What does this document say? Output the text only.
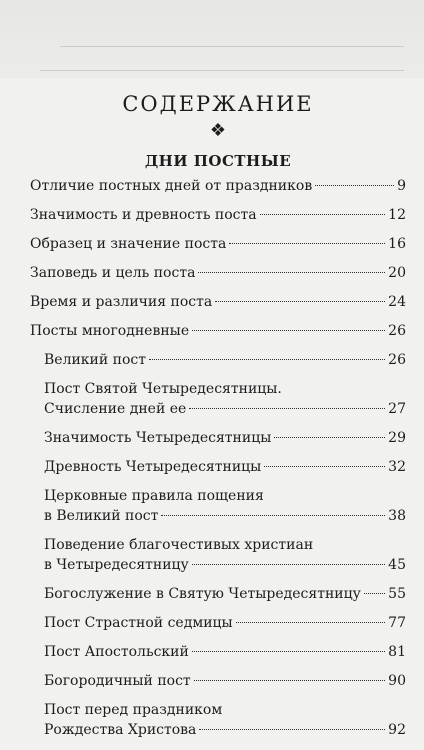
СОДЕРЖАНИЕ
❖
ДНИ ПОСТНЫЕ
Отличие постных дней от праздников	9
Значимость и древность поста	12
Образец и значение поста	16
Заповедь и цель поста	20
Время и различия поста	24
Посты многодневные	26
Великий пост	26
Пост Святой Четыредесятницы.
Счисление дней ее	27
Значимость Четыредесятницы	29
Древность Четыредесятницы	32
Церковные правила пощения
в Великий пост	38
Поведение благочестивых христиан
в Четыредесятницу	45
Богослужение в Святую Четыредесятницу 55
Пост Страстной седмицы	77
Пост Апостольский	81
Богородичный пост	90
Пост перед праздником
Рождества Христова	92
